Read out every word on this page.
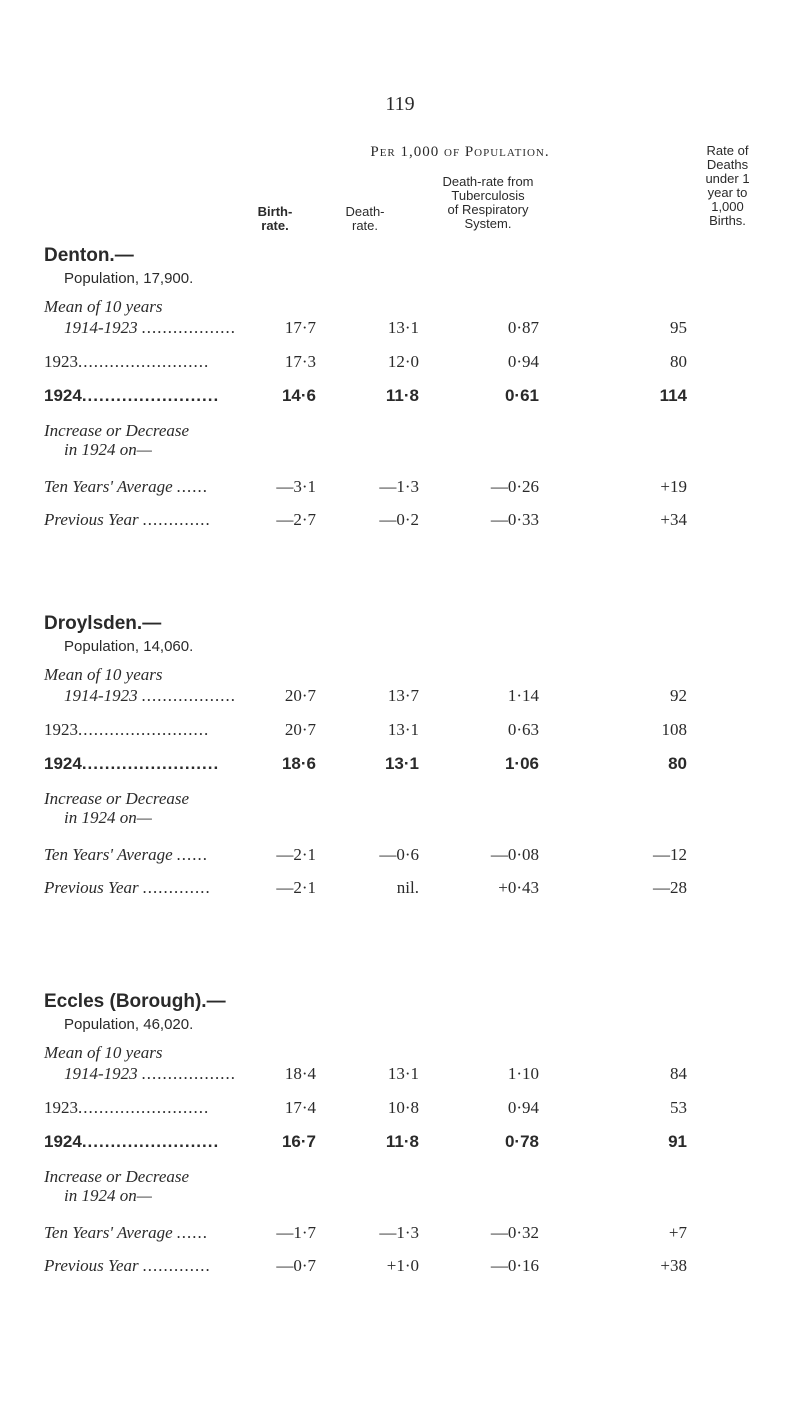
119
Per 1,000 of Population.
Birth-
rate.
Death-
rate.
Death-rate from
Tuberculosis
of Respiratory
System.
Rate of
Deaths
under 1
year to
1,000
Births.
Denton.—
Population, 17,900.
Mean of 10 years
1914-1923 ..................	17·7	13·1	0·87	95
1923.........................	17·3	12·0	0·94	80
1924........................	14·6	11·8	0·61	114
Increase or Decrease
in 1924 on—
Ten Years' Average ......	—3·1	—1·3	—0·26	+19
Previous Year .............	—2·7	—0·2	—0·33	+34
Droylsden.—
Population, 14,060.
Mean of 10 years
1914-1923 ..................	20·7	13·7	1·14	92
1923.........................	20·7	13·1	0·63	108
1924........................	18·6	13·1	1·06	80
Increase or Decrease
in 1924 on—
Ten Years' Average ......	—2·1	—0·6	—0·08	—12
Previous Year .............	—2·1	nil.	+0·43	—28
Eccles (Borough).—
Population, 46,020.
Mean of 10 years
1914-1923 ..................	18·4	13·1	1·10	84
1923.........................	17·4	10·8	0·94	53
1924........................	16·7	11·8	0·78	91
Increase or Decrease
in 1924 on—
Ten Years' Average ......	—1·7	—1·3	—0·32	+7
Previous Year .............	—0·7	+1·0	—0·16	+38
